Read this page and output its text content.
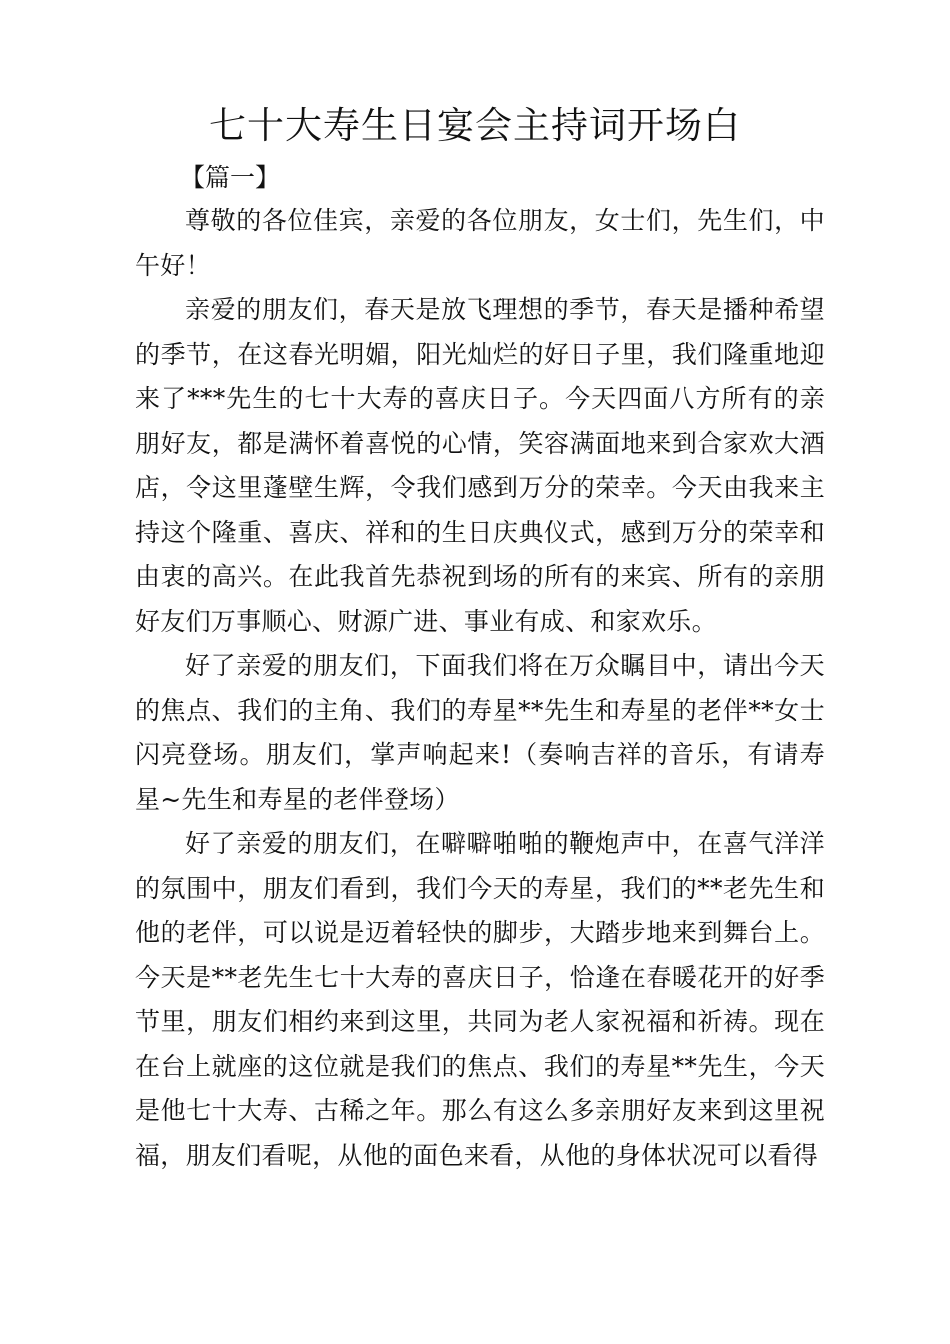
七十大寿生日宴会主持词开场白

【篇一】

尊敬的各位佳宾，亲爱的各位朋友，女士们，先生们，中午好！

亲爱的朋友们，春天是放飞理想的季节，春天是播种希望的季节，在这春光明媚，阳光灿烂的好日子里，我们隆重地迎来了***先生的七十大寿的喜庆日子。今天四面八方所有的亲朋好友，都是满怀着喜悦的心情，笑容满面地来到合家欢大酒店，令这里蓬壁生辉，令我们感到万分的荣幸。今天由我来主持这个隆重、喜庆、祥和的生日庆典仪式，感到万分的荣幸和由衷的高兴。在此我首先恭祝到场的所有的来宾、所有的亲朋好友们万事顺心、财源广进、事业有成、和家欢乐。

好了亲爱的朋友们，下面我们将在万众瞩目中，请出今天的焦点、我们的主角、我们的寿星**先生和寿星的老伴**女士闪亮登场。朋友们，掌声响起来!（奏响吉祥的音乐，有请寿星~先生和寿星的老伴登场）

好了亲爱的朋友们，在噼噼啪啪的鞭炮声中，在喜气洋洋的氛围中，朋友们看到，我们今天的寿星，我们的**老先生和他的老伴，可以说是迈着轻快的脚步，大踏步地来到舞台上。今天是**老先生七十大寿的喜庆日子，恰逢在春暖花开的好季节里，朋友们相约来到这里，共同为老人家祝福和祈祷。现在在台上就座的这位就是我们的焦点、我们的寿星**先生，今天是他七十大寿、古稀之年。那么有这么多亲朋好友来到这里祝福，朋友们看呢，从他的面色来看，从他的身体状况可以看得
